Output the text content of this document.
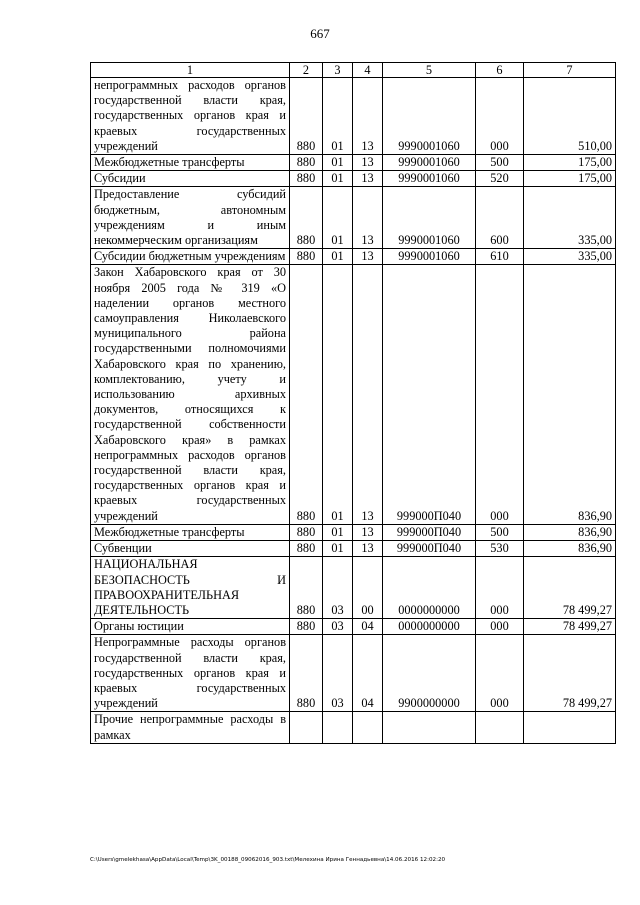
667
1	2	3	4	5	6	7
непрограммных расходов органов государственной власти края, государственных органов края и краевых государственных учреждений	880	01	13	9990001060	000	510,00
Межбюджетные трансферты	880	01	13	9990001060	500	175,00
Субсидии	880	01	13	9990001060	520	175,00
Предоставление субсидий бюджетным, автономным учреждениям и иным некоммерческим организациям	880	01	13	9990001060	600	335,00
Субсидии бюджетным учреждениям	880	01	13	9990001060	610	335,00
Закон Хабаровского края от 30 ноября 2005 года № 319 «О наделении органов местного самоуправления Николаевского муниципального района государственными полномочиями Хабаровского края по хранению, комплектованию, учету и использованию архивных документов, относящихся к государственной собственности Хабаровского края» в рамках непрограммных расходов органов государственной власти края, государственных органов края и краевых государственных учреждений	880	01	13	999000П040	000	836,90
Межбюджетные трансферты	880	01	13	999000П040	500	836,90
Субвенции	880	01	13	999000П040	530	836,90
НАЦИОНАЛЬНАЯ БЕЗОПАСНОСТЬ И ПРАВООХРАНИТЕЛЬНАЯ ДЕЯТЕЛЬНОСТЬ	880	03	00	0000000000	000	78 499,27
Органы юстиции	880	03	04	0000000000	000	78 499,27
Непрограммные расходы органов государственной власти края, государственных органов края и краевых государственных учреждений	880	03	04	9900000000	000	78 499,27
Прочие непрограммные расходы в рамках						
C:\Users\gmelekhasa\AppData\Local\Temp\3K_00188_09062016_903.txt\Мелехина Ирина Геннадьевна\14.06.2016 12:02:20
